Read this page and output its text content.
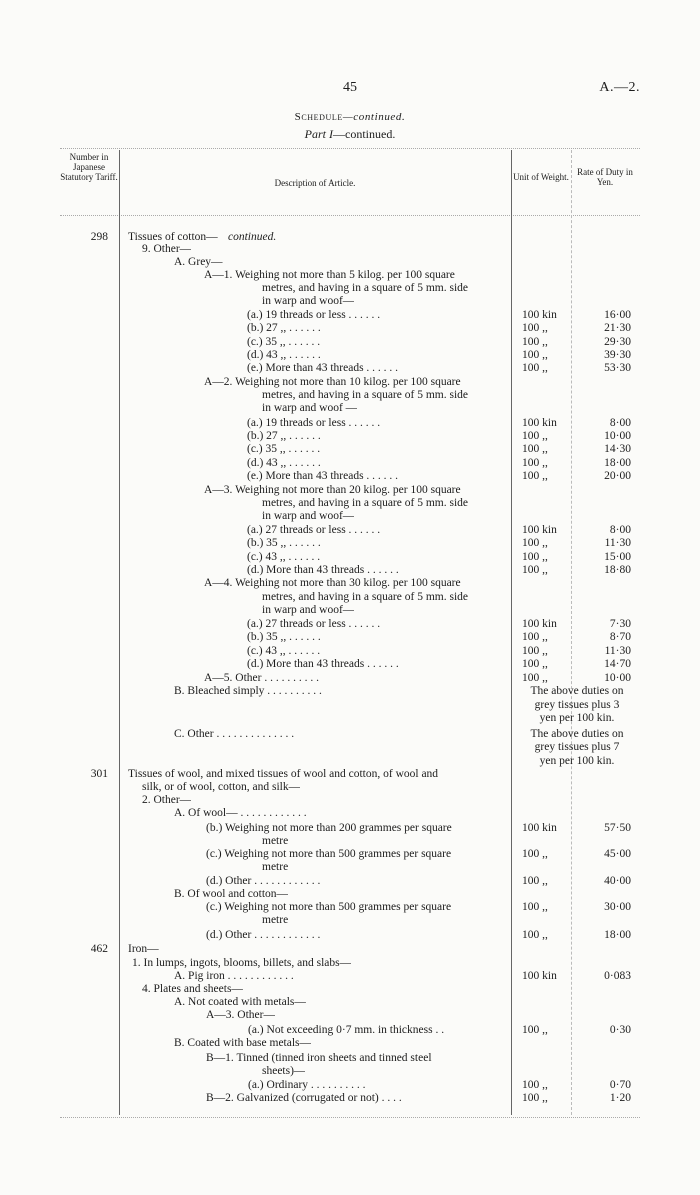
45	A.—2.
Schedule—continued.
Part I—continued.
Number in Japanese Statutory Tariff.
Description of Article.
Unit of Weight. Rate of Duty in Yen.
298 Tissues of cotton— continued.
9. Other—
A. Grey—
A—1. Weighing not more than 5 kilog. per 100 square
metres, and having in a square of 5 mm. side
in warp and woof—
(a.) 19 threads or less . . . . . .	100 kin	16·00
(b.) 27 ,, . . . . . .	100 ,,	21·30
(c.) 35 ,, . . . . . .	100 ,,	29·30
(d.) 43 ,, . . . . . .	100 ,,	39·30
(e.) More than 43 threads . . . . . .	100 ,,	53·30
A—2. Weighing not more than 10 kilog. per 100 square
metres, and having in a square of 5 mm. side
in warp and woof —
(a.) 19 threads or less . . . . . .	100 kin	8·00
(b.) 27 ,, . . . . . .	100 ,,	10·00
(c.) 35 ,, . . . . . .	100 ,,	14·30
(d.) 43 ,, . . . . . .	100 ,,	18·00
(e.) More than 43 threads . . . . . .	100 ,,	20·00
A—3. Weighing not more than 20 kilog. per 100 square
metres, and having in a square of 5 mm. side
in warp and woof—
(a.) 27 threads or less . . . . . .	100 kin	8·00
(b.) 35 ,, . . . . . .	100 ,,	11·30
(c.) 43 ,, . . . . . .	100 ,,	15·00
(d.) More than 43 threads . . . . . .	100 ,,	18·80
A—4. Weighing not more than 30 kilog. per 100 square
metres, and having in a square of 5 mm. side
in warp and woof—
(a.) 27 threads or less . . . . . .	100 kin	7·30
(b.) 35 ,, . . . . . .	100 ,,	8·70
(c.) 43 ,, . . . . . .	100 ,,	11·30
(d.) More than 43 threads . . . . . .	100 ,,	14·70
A—5. Other . . . . . . . . . .	100 ,,	10·00
B. Bleached simply . . . . . . . . . .	The above duties on
grey tissues plus 3
yen per 100 kin.
C. Other . . . . . . . . . . . . . .	The above duties on
grey tissues plus 7
yen per 100 kin.
301 Tissues of wool, and mixed tissues of wool and cotton, of wool and
silk, or of wool, cotton, and silk—
2. Other—
A. Of wool— . . . . . . . . . . . .
(b.) Weighing not more than 200 grammes per square	100 kin	57·50
metre
(c.) Weighing not more than 500 grammes per square	100 ,,	45·00
metre
(d.) Other . . . . . . . . . . . .	100 ,,	40·00
B. Of wool and cotton—
(c.) Weighing not more than 500 grammes per square	100 ,,	30·00
metre
(d.) Other . . . . . . . . . . . .	100 ,,	18·00
462 Iron—
1. In lumps, ingots, blooms, billets, and slabs—
A. Pig iron . . . . . . . . . . . .	100 kin	0·083
4. Plates and sheets—
A. Not coated with metals—
A—3. Other—
(a.) Not exceeding 0·7 mm. in thickness . .	100 ,,	0·30
B. Coated with base metals—
B—1. Tinned (tinned iron sheets and tinned steel
sheets)—
(a.) Ordinary . . . . . . . . . .	100 ,,	0·70
B—2. Galvanized (corrugated or not) . . . .	100 ,,	1·20
